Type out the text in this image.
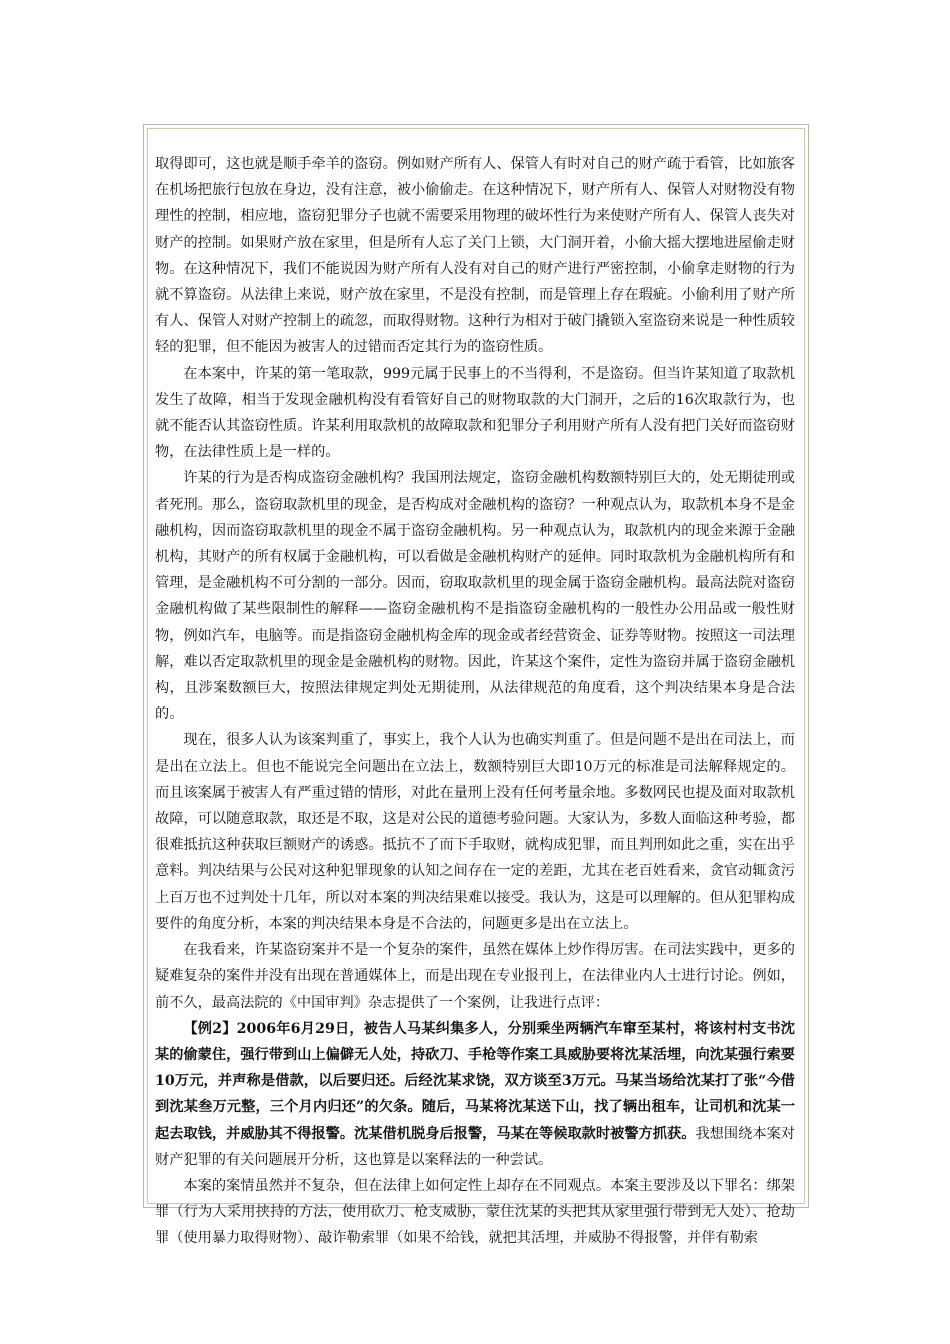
取得即可，这也就是顺手牵羊的盗窃。例如财产所有人、保管人有时对自己的财产疏于看管，比如旅客在机场把旅行包放在身边，没有注意，被小偷偷走。在这种情况下，财产所有人、保管人对财物没有物理性的控制，相应地，盗窃犯罪分子也就不需要采用物理的破坏性行为来使财产所有人、保管人丧失对财产的控制。如果财产放在家里，但是所有人忘了关门上锁，大门洞开着，小偷大摇大摆地进屋偷走财物。在这种情况下，我们不能说因为财产所有人没有对自己的财产进行严密控制，小偷拿走财物的行为就不算盗窃。从法律上来说，财产放在家里，不是没有控制，而是管理上存在瑕疵。小偷利用了财产所有人、保管人对财产控制上的疏忽，而取得财物。这种行为相对于破门撬锁入室盗窃来说是一种性质较轻的犯罪，但不能因为被害人的过错而否定其行为的盗窃性质。

在本案中，许某的第一笔取款，999元属于民事上的不当得利，不是盗窃。但当许某知道了取款机发生了故障，相当于发现金融机构没有看管好自己的财物取款的大门洞开，之后的16次取款行为，也就不能否认其盗窃性质。许某利用取款机的故障取款和犯罪分子利用财产所有人没有把门关好而盗窃财物，在法律性质上是一样的。

许某的行为是否构成盗窃金融机构？我国刑法规定，盗窃金融机构数额特别巨大的，处无期徒刑或者死刑。那么，盗窃取款机里的现金，是否构成对金融机构的盗窃？一种观点认为，取款机本身不是金融机构，因而盗窃取款机里的现金不属于盗窃金融机构。另一种观点认为，取款机内的现金来源于金融机构，其财产的所有权属于金融机构，可以看做是金融机构财产的延伸。同时取款机为金融机构所有和管理，是金融机构不可分割的一部分。因而，窃取取款机里的现金属于盗窃金融机构。最高法院对盗窃金融机构做了某些限制性的解释——盗窃金融机构不是指盗窃金融机构的一般性办公用品或一般性财物，例如汽车，电脑等。而是指盗窃金融机构金库的现金或者经营资金、证券等财物。按照这一司法理解，难以否定取款机里的现金是金融机构的财物。因此，许某这个案件，定性为盗窃并属于盗窃金融机构，且涉案数额巨大，按照法律规定判处无期徒刑，从法律规范的角度看，这个判决结果本身是合法的。

现在，很多人认为该案判重了，事实上，我个人认为也确实判重了。但是问题不是出在司法上，而是出在立法上。但也不能说完全问题出在立法上，数额特别巨大即10万元的标准是司法解释规定的。而且该案属于被害人有严重过错的情形，对此在量刑上没有任何考量余地。多数网民也提及面对取款机故障，可以随意取款，取还是不取，这是对公民的道德考验问题。大家认为，多数人面临这种考验，都很难抵抗这种获取巨额财产的诱惑。抵抗不了而下手取财，就构成犯罪，而且判刑如此之重，实在出乎意料。判决结果与公民对这种犯罪现象的认知之间存在一定的差距，尤其在老百姓看来，贪官动辄贪污上百万也不过判处十几年，所以对本案的判决结果难以接受。我认为，这是可以理解的。但从犯罪构成要件的角度分析，本案的判决结果本身是不合法的，问题更多是出在立法上。

在我看来，许某盗窃案并不是一个复杂的案件，虽然在媒体上炒作得厉害。在司法实践中，更多的疑难复杂的案件并没有出现在普通媒体上，而是出现在专业报刊上，在法律业内人士进行讨论。例如，前不久，最高法院的《中国审判》杂志提供了一个案例，让我进行点评：

【例2】2006年6月29日，被告人马某纠集多人，分别乘坐两辆汽车窜至某村，将该村村支书沈某的偷蒙住，强行带到山上偏僻无人处，持砍刀、手枪等作案工具威胁要将沈某活埋，向沈某强行索要10万元，并声称是借款，以后要归还。后经沈某求饶，双方谈至3万元。马某当场给沈某打了张“今借到沈某叁万元整，三个月内归还”的欠条。随后，马某将沈某送下山，找了辆出租车，让司机和沈某一起去取钱，并威胁其不得报警。沈某借机脱身后报警，马某在等候取款时被警方抓获。我想围绕本案对财产犯罪的有关问题展开分析，这也算是以案释法的一种尝试。

本案的案情虽然并不复杂，但在法律上如何定性上却存在不同观点。本案主要涉及以下罪名：绑架罪（行为人采用挟持的方法，使用砍刀、枪支威胁，蒙住沈某的头把其从家里强行带到无人处）、抢劫罪（使用暴力取得财物）、敲诈勒索罪（如果不给钱，就把其活埋，并威胁不得报警，并伴有勒索
